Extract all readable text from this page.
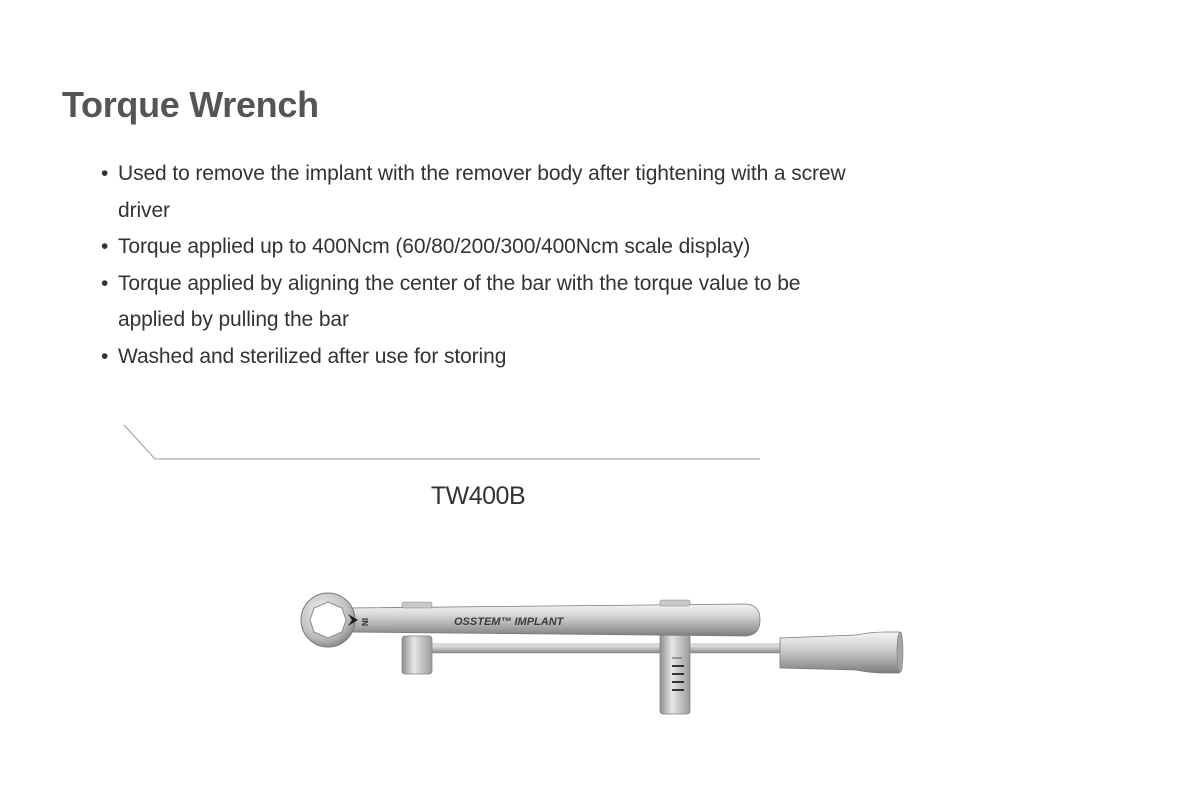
Torque Wrench
• Used to remove the implant with the remover body after tightening with a screw driver
• Torque applied up to 400Ncm (60/80/200/300/400Ncm scale display)
• Torque applied by aligning the center of the bar with the torque value to be applied by pulling the bar
• Washed and sterilized after use for storing
TW400B
OSSTEM™ IMPLANT
IN
